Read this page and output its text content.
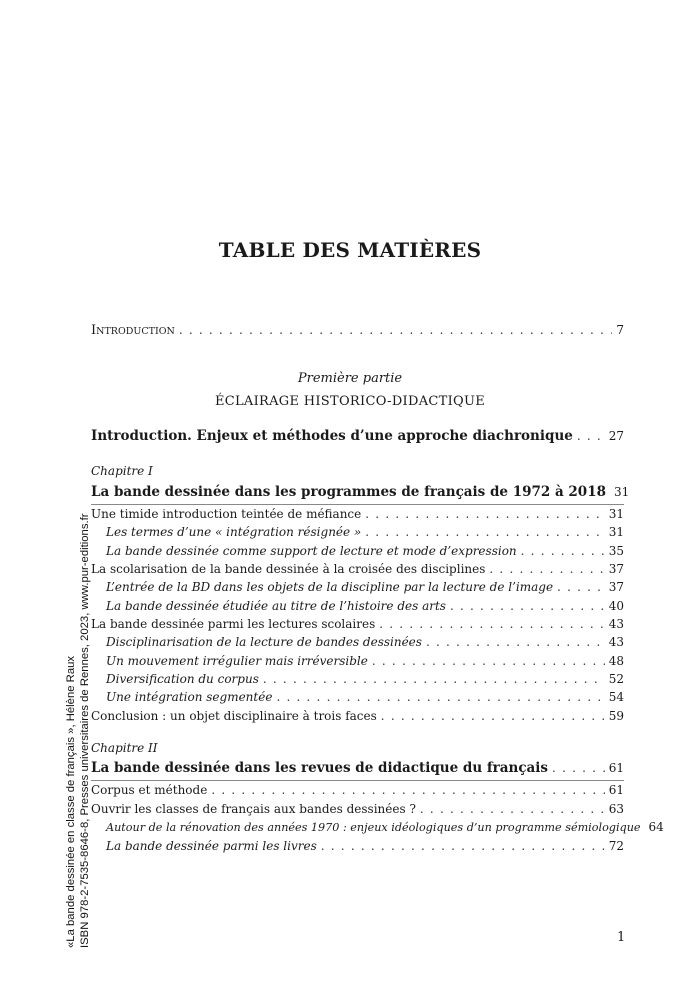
TABLE DES MATIÈRES
INTRODUCTION . . .	7
Première partie
ÉCLAIRAGE HISTORICO-DIDACTIQUE
Introduction. Enjeux et méthodes d’une approche diachronique . . .	27
Chapitre I
La bande dessinée dans les programmes de français de 1972 à 2018 31
Une timide introduction teintée de méfiance . . .	31
Les termes d’une « intégration résignée » . . .	31
La bande dessinée comme support de lecture et mode d’expression . . .	35
La scolarisation de la bande dessinée à la croisée des disciplines . . .	37
L’entrée de la BD dans les objets de la discipline par la lecture de l’image . . .	37
La bande dessinée étudiée au titre de l’histoire des arts . . .	40
La bande dessinée parmi les lectures scolaires . . .	43
Disciplinarisation de la lecture de bandes dessinées . . .	43
Un mouvement irrégulier mais irréversible . . .	48
Diversification du corpus . . .	52
Une intégration segmentée . . .	54
Conclusion : un objet disciplinaire à trois faces . . .	59
Chapitre II
La bande dessinée dans les revues de didactique du français . . .	61
Corpus et méthode . . .	61
Ouvrir les classes de français aux bandes dessinées ? . . .	63
Autour de la rénovation des années 1970 : enjeux idéologiques d’un programme sémiologique 64
La bande dessinée parmi les livres . . .	72
1
«La bande dessinée en classe de français », Hélène Raux ISBN 978-2-7535-8646-8, Presses universitaires de Rennes, 2023, www.pur-editions.fr
